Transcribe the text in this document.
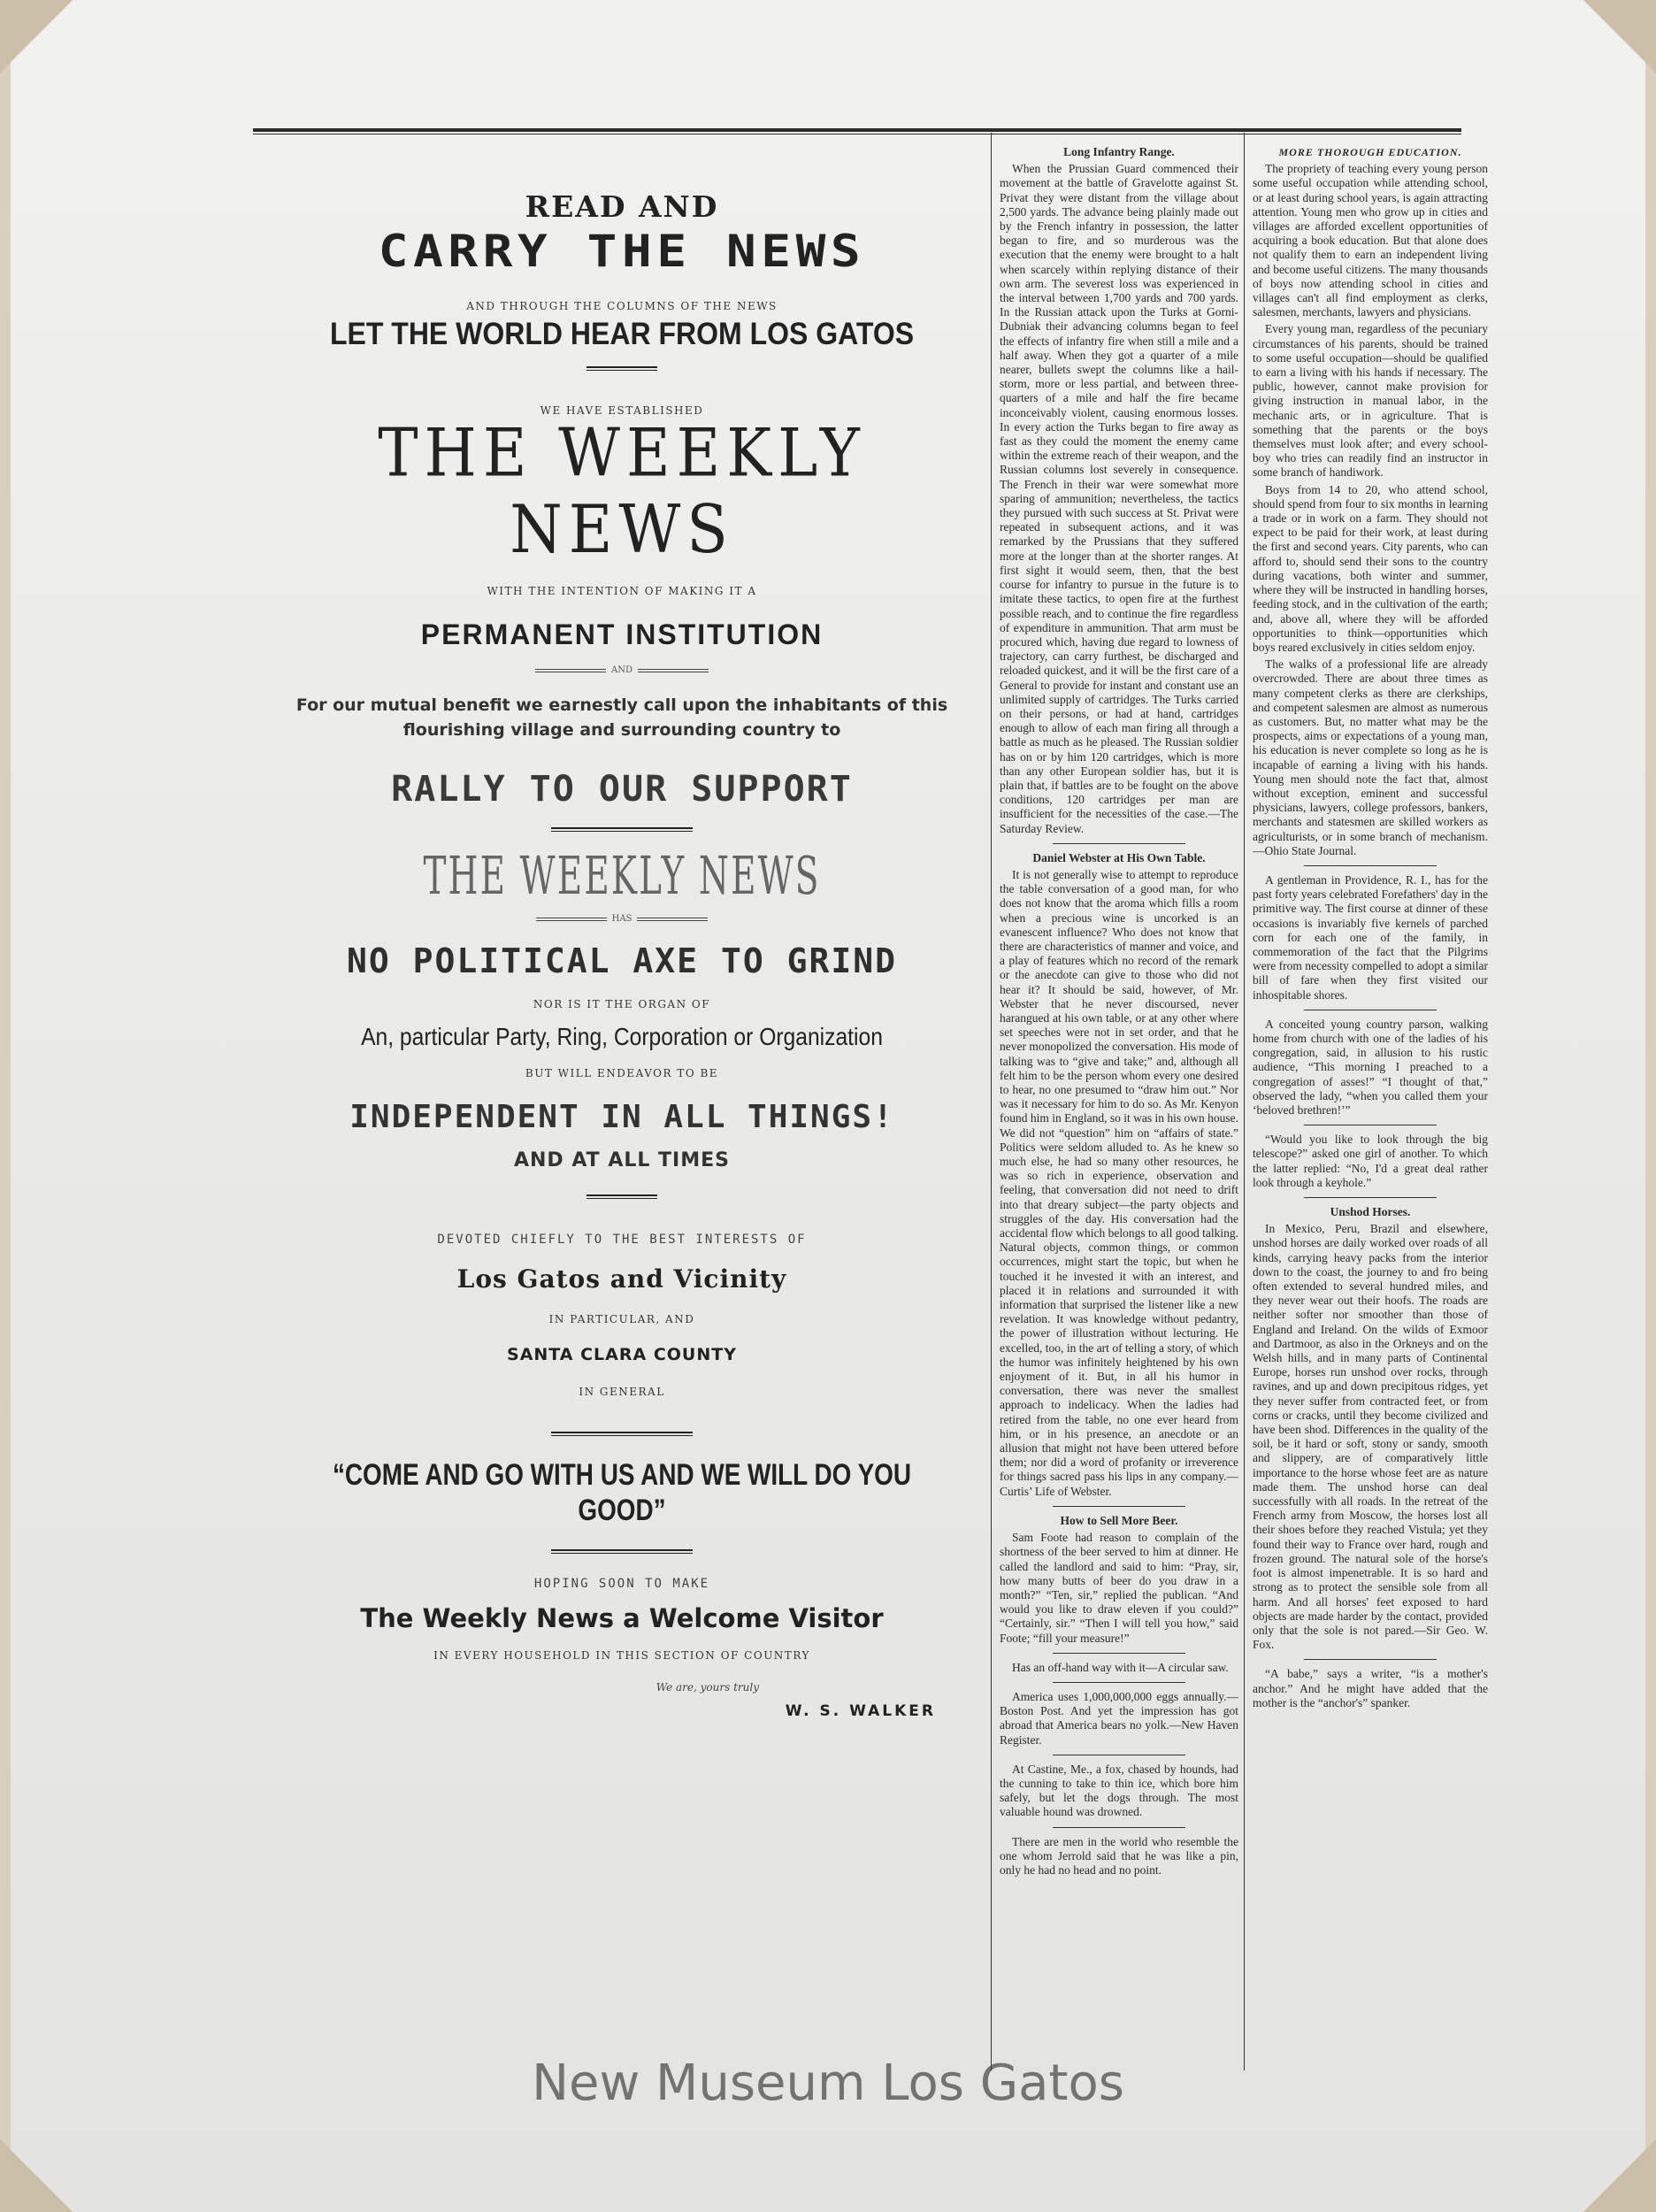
READ AND
CARRY THE NEWS
AND THROUGH THE COLUMNS OF THE NEWS
LET THE WORLD HEAR FROM LOS GATOS
WE HAVE ESTABLISHED
THE WEEKLY NEWS
WITH THE INTENTION OF MAKING IT A
PERMANENT INSTITUTION
AND
For our mutual benefit we earnestly call upon the inhabitants of this flourishing village and surrounding country to
RALLY TO OUR SUPPORT
THE WEEKLY NEWS
HAS
NO POLITICAL AXE TO GRIND
NOR IS IT THE ORGAN OF
An, particular Party, Ring, Corporation or Organization
BUT WILL ENDEAVOR TO BE
INDEPENDENT IN ALL THINGS!
AND AT ALL TIMES
DEVOTED CHIEFLY TO THE BEST INTERESTS OF
Los Gatos and Vicinity
IN PARTICULAR, AND
SANTA CLARA COUNTY
IN GENERAL
“COME AND GO WITH US AND WE WILL DO YOU GOOD”
HOPING SOON TO MAKE
The Weekly News a Welcome Visitor
IN EVERY HOUSEHOLD IN THIS SECTION OF COUNTRY
We are, yours truly
W. S. WALKER
Long Infantry Range.

When the Prussian Guard commenced their movement at the battle of Gravelotte against St. Privat they were distant from the village about 2,500 yards. The advance being plainly made out by the French infantry in possession, the latter began to fire, and so murderous was the execution that the enemy were brought to a halt when scarcely within replying distance of their own arm. The severest loss was experienced in the interval between 1,700 yards and 700 yards. In the Russian attack upon the Turks at Gorni-Dubniak their advancing columns began to feel the effects of infantry fire when still a mile and a half away. When they got a quarter of a mile nearer, bullets swept the columns like a hail-storm, more or less partial, and between three-quarters of a mile and half the fire became inconceivably violent, causing enormous losses. In every action the Turks began to fire away as fast as they could the moment the enemy came within the extreme reach of their weapon, and the Russian columns lost severely in consequence. The French in their war were somewhat more sparing of ammunition; nevertheless, the tactics they pursued with such success at St. Privat were repeated in subsequent actions, and it was remarked by the Prussians that they suffered more at the longer than at the shorter ranges. At first sight it would seem, then, that the best course for infantry to pursue in the future is to imitate these tactics, to open fire at the furthest possible reach, and to continue the fire regardless of expenditure in ammunition. That arm must be procured which, having due regard to lowness of trajectory, can carry furthest, be discharged and reloaded quickest, and it will be the first care of a General to provide for instant and constant use an unlimited supply of cartridges. The Turks carried on their persons, or had at hand, cartridges enough to allow of each man firing all through a battle as much as he pleased. The Russian soldier has on or by him 120 cartridges, which is more than any other European soldier has, but it is plain that, if battles are to be fought on the above conditions, 120 cartridges per man are insufficient for the necessities of the case.—The Saturday Review.

Daniel Webster at His Own Table.

It is not generally wise to attempt to reproduce the table conversation of a good man, for who does not know that the aroma which fills a room when a precious wine is uncorked is an evanescent influence? Who does not know that there are characteristics of manner and voice, and a play of features which no record of the remark or the anecdote can give to those who did not hear it? It should be said, however, of Mr. Webster that he never discoursed, never harangued at his own table, or at any other where set speeches were not in set order, and that he never monopolized the conversation. His mode of talking was to “give and take;” and, although all felt him to be the person whom every one desired to hear, no one presumed to “draw him out.” Nor was it necessary for him to do so. As Mr. Kenyon found him in England, so it was in his own house. We did not “question” him on “affairs of state.” Politics were seldom alluded to. As he knew so much else, he had so many other resources, he was so rich in experience, observation and feeling, that conversation did not need to drift into that dreary subject—the party objects and struggles of the day. His conversation had the accidental flow which belongs to all good talking. Natural objects, common things, or common occurrences, might start the topic, but when he touched it he invested it with an interest, and placed it in relations and surrounded it with information that surprised the listener like a new revelation. It was knowledge without pedantry, the power of illustration without lecturing. He excelled, too, in the art of telling a story, of which the humor was infinitely heightened by his own enjoyment of it. But, in all his humor in conversation, there was never the smallest approach to indelicacy. When the ladies had retired from the table, no one ever heard from him, or in his presence, an anecdote or an allusion that might not have been uttered before them; nor did a word of profanity or irreverence for things sacred pass his lips in any company.—Curtis’ Life of Webster.

How to Sell More Beer.

Sam Foote had reason to complain of the shortness of the beer served to him at dinner. He called the landlord and said to him: “Pray, sir, how many butts of beer do you draw in a month?” “Ten, sir,” replied the publican. “And would you like to draw eleven if you could?” “Certainly, sir.” “Then I will tell you how,” said Foote; “fill your measure!”

Has an off-hand way with it—A circular saw.

America uses 1,000,000,000 eggs annually.—Boston Post. And yet the impression has got abroad that America bears no yolk.—New Haven Register.

At Castine, Me., a fox, chased by hounds, had the cunning to take to thin ice, which bore him safely, but let the dogs through. The most valuable hound was drowned.

There are men in the world who resemble the one whom Jerrold said that he was like a pin, only he had no head and no point.

MORE THOROUGH EDUCATION.

The propriety of teaching every young person some useful occupation while attending school, or at least during school years, is again attracting attention. Young men who grow up in cities and villages are afforded excellent opportunities of acquiring a book education. But that alone does not qualify them to earn an independent living and become useful citizens. The many thousands of boys now attending school in cities and villages can't all find employment as clerks, salesmen, merchants, lawyers and physicians.

Every young man, regardless of the pecuniary circumstances of his parents, should be trained to some useful occupation—should be qualified to earn a living with his hands if necessary. The public, however, cannot make provision for giving instruction in manual labor, in the mechanic arts, or in agriculture. That is something that the parents or the boys themselves must look after; and every school-boy who tries can readily find an instructor in some branch of handiwork.

Boys from 14 to 20, who attend school, should spend from four to six months in learning a trade or in work on a farm. They should not expect to be paid for their work, at least during the first and second years. City parents, who can afford to, should send their sons to the country during vacations, both winter and summer, where they will be instructed in handling horses, feeding stock, and in the cultivation of the earth; and, above all, where they will be afforded opportunities to think—opportunities which boys reared exclusively in cities seldom enjoy.

The walks of a professional life are already overcrowded. There are about three times as many competent clerks as there are clerkships, and competent salesmen are almost as numerous as customers. But, no matter what may be the prospects, aims or expectations of a young man, his education is never complete so long as he is incapable of earning a living with his hands. Young men should note the fact that, almost without exception, eminent and successful physicians, lawyers, college professors, bankers, merchants and statesmen are skilled workers as agriculturists, or in some branch of mechanism.—Ohio State Journal.

A gentleman in Providence, R. I., has for the past forty years celebrated Forefathers' day in the primitive way. The first course at dinner of these occasions is invariably five kernels of parched corn for each one of the family, in commemoration of the fact that the Pilgrims were from necessity compelled to adopt a similar bill of fare when they first visited our inhospitable shores.

A conceited young country parson, walking home from church with one of the ladies of his congregation, said, in allusion to his rustic audience, “This morning I preached to a congregation of asses!” “I thought of that,” observed the lady, “when you called them your ‘beloved brethren!’”

“Would you like to look through the big telescope?” asked one girl of another. To which the latter replied: “No, I'd a great deal rather look through a keyhole.”

Unshod Horses.

In Mexico, Peru, Brazil and elsewhere, unshod horses are daily worked over roads of all kinds, carrying heavy packs from the interior down to the coast, the journey to and fro being often extended to several hundred miles, and they never wear out their hoofs. The roads are neither softer nor smoother than those of England and Ireland. On the wilds of Exmoor and Dartmoor, as also in the Orkneys and on the Welsh hills, and in many parts of Continental Europe, horses run unshod over rocks, through ravines, and up and down precipitous ridges, yet they never suffer from contracted feet, or from corns or cracks, until they become civilized and have been shod. Differences in the quality of the soil, be it hard or soft, stony or sandy, smooth and slippery, are of comparatively little importance to the horse whose feet are as nature made them. The unshod horse can deal successfully with all roads. In the retreat of the French army from Moscow, the horses lost all their shoes before they reached Vistula; yet they found their way to France over hard, rough and frozen ground. The natural sole of the horse's foot is almost impenetrable. It is so hard and strong as to protect the sensible sole from all harm. And all horses' feet exposed to hard objects are made harder by the contact, provided only that the sole is not pared.—Sir Geo. W. Fox.

“A babe,” says a writer, “is a mother's anchor.” And he might have added that the mother is the “anchor's” spanker.

New Museum Los Gatos
